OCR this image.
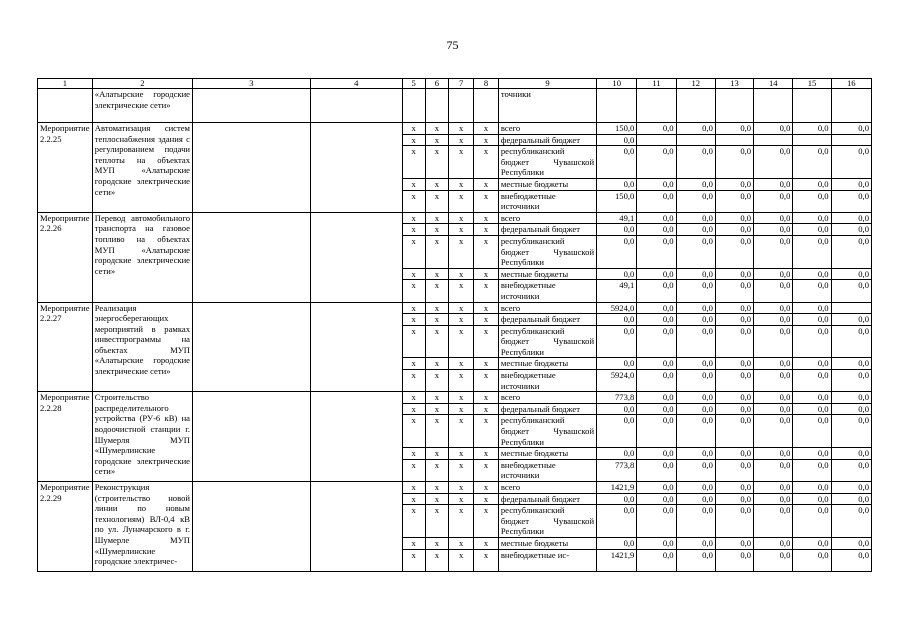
75
1	2	3	4	5	6	7	8	9	10	11	12	13	14	15	16
	«Алатырские городские электрические сети»							точники							
Мероприятие 2.2.25	Автоматизация систем теплоснабжения здания с регулированием подачи теплоты на объектах МУП «Алатырские городские электрические сети»			x	x	x	x	всего	150,0	0,0	0,0	0,0	0,0	0,0	0,0
				x	x	x	x	федеральный бюджет	0,0						
				x	x	x	x	республиканский бюджет Чувашской Республики	0,0	0,0	0,0	0,0	0,0	0,0	0,0
				x	x	x	x	местные бюджеты	0,0	0,0	0,0	0,0	0,0	0,0	0,0
				x	x	x	x	внебюджетные источники	150,0	0,0	0,0	0,0	0,0	0,0	0,0
Мероприятие 2.2.26	Перевод автомобильного транспорта на газовое топливо на объектах МУП «Алатырские городские электрические сети»			x	x	x	x	всего	49,1	0,0	0,0	0,0	0,0	0,0	0,0
				x	x	x	x	федеральный бюджет	0,0	0,0	0,0	0,0	0,0	0,0	0,0
				x	x	x	x	республиканский бюджет Чувашской Республики	0,0	0,0	0,0	0,0	0,0	0,0	0,0
				x	x	x	x	местные бюджеты	0,0	0,0	0,0	0,0	0,0	0,0	0,0
				x	x	x	x	внебюджетные источники	49,1	0,0	0,0	0,0	0,0	0,0	0,0
Мероприятие 2.2.27	Реализация энергосберегающих мероприятий в рамках инвестпрограммы на объектах МУП «Алатырские городские электрические сети»			x	x	x	x	всего	5924,0	0,0	0,0	0,0	0,0	0,0	
				x	x	x	x	федеральный бюджет	0,0	0,0	0,0	0,0	0,0	0,0	0,0
				x	x	x	x	республиканский бюджет Чувашской Республики	0,0	0,0	0,0	0,0	0,0	0,0	0,0
				x	x	x	x	местные бюджеты	0,0	0,0	0,0	0,0	0,0	0,0	0,0
				x	x	x	x	внебюджетные источники	5924,0	0,0	0,0	0,0	0,0	0,0	0,0
Мероприятие 2.2.28	Строительство распределительного устройства (РУ-6 кВ) на водоочистной станции г. Шумерля МУП «Шумерлинские городские электрические сети»			x	x	x	x	всего	773,8	0,0	0,0	0,0	0,0	0,0	0,0
				x	x	x	x	федеральный бюджет	0,0	0,0	0,0	0,0	0,0	0,0	0,0
				x	x	x	x	республиканский бюджет Чувашской Республики	0,0	0,0	0,0	0,0	0,0	0,0	0,0
				x	x	x	x	местные бюджеты	0,0	0,0	0,0	0,0	0,0	0,0	0,0
				x	x	x	x	внебюджетные источники	773,8	0,0	0,0	0,0	0,0	0,0	0,0
Мероприятие 2.2.29	Реконструкция (строительство новой линии по новым технологиям) ВЛ-0,4 кВ по ул. Луначарского в г. Шумерле МУП «Шумерлинские городские электричес-			x	x	x	x	всего	1421,9	0,0	0,0	0,0	0,0	0,0	0,0
				x	x	x	x	федеральный бюджет	0,0	0,0	0,0	0,0	0,0	0,0	0,0
				x	x	x	x	республиканский бюджет Чувашской Республики	0,0	0,0	0,0	0,0	0,0	0,0	0,0
				x	x	x	x	местные бюджеты	0,0	0,0	0,0	0,0	0,0	0,0	0,0
				x	x	x	x	внебюджетные ис-	1421,9	0,0	0,0	0,0	0,0	0,0	0,0
